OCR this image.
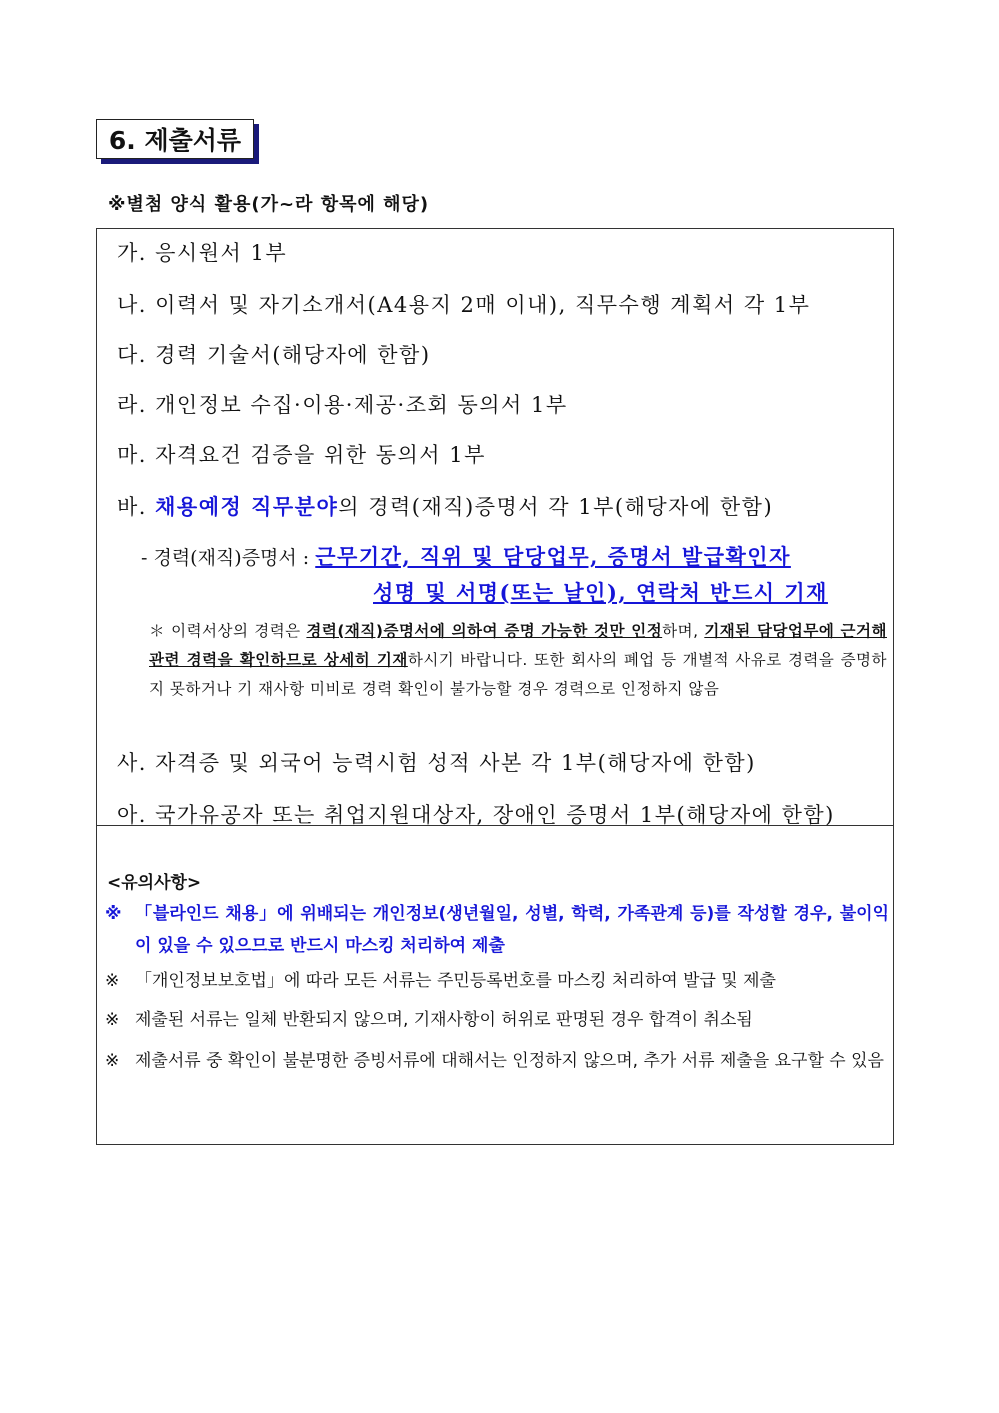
6. 제출서류
※별첨 양식 활용(가~라 항목에 해당)
가. 응시원서 1부
나. 이력서 및 자기소개서(A4용지 2매 이내), 직무수행 계획서 각 1부
다. 경력 기술서(해당자에 한함)
라. 개인정보 수집·이용·제공·조회 동의서 1부
마. 자격요건 검증을 위한 동의서 1부
바. 채용예정 직무분야의 경력(재직)증명서 각 1부(해당자에 한함)
- 경력(재직)증명서 : 근무기간, 직위 및 담당업무, 증명서 발급확인자
성명 및 서명(또는 날인), 연락처 반드시 기재
＊ 이력서상의 경력은 경력(재직)증명서에 의하여 증명 가능한 것만 인정하며, 기재된 담당업무에 근거해 관련 경력을 확인하므로 상세히 기재하시기 바랍니다. 또한 회사의 폐업 등 개별적 사유로 경력을 증명하지 못하거나 기 재사항 미비로 경력 확인이 불가능할 경우 경력으로 인정하지 않음
사. 자격증 및 외국어 능력시험 성적 사본 각 1부(해당자에 한함)
아. 국가유공자 또는 취업지원대상자, 장애인 증명서 1부(해당자에 한함)
<유의사항>
※ 「블라인드 채용」에 위배되는 개인정보(생년월일, 성별, 학력, 가족관계 등)를 작성할 경우, 불이익이 있을 수 있으므로 반드시 마스킹 처리하여 제출
※ 「개인정보보호법」에 따라 모든 서류는 주민등록번호를 마스킹 처리하여 발급 및 제출
※ 제출된 서류는 일체 반환되지 않으며, 기재사항이 허위로 판명된 경우 합격이 취소됨
※ 제출서류 중 확인이 불분명한 증빙서류에 대해서는 인정하지 않으며, 추가 서류 제출을 요구할 수 있음
